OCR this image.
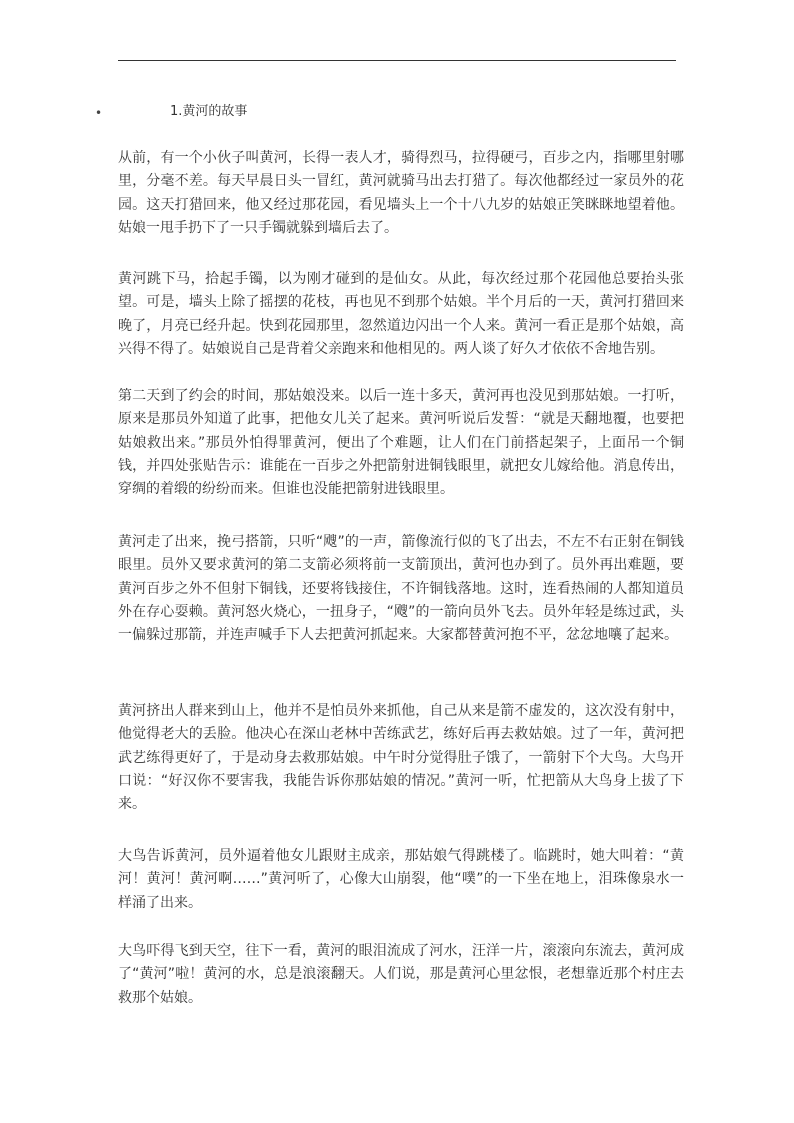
•	1.黄河的故事

从前，有一个小伙子叫黄河，长得一表人才，骑得烈马，拉得硬弓，百步之内，指哪里射哪里，分毫不差。每天早晨日头一冒红，黄河就骑马出去打猎了。每次他都经过一家员外的花园。这天打猎回来，他又经过那花园，看见墙头上一个十八九岁的姑娘正笑眯眯地望着他。姑娘一甩手扔下了一只手镯就躲到墙后去了。

黄河跳下马，拾起手镯，以为刚才碰到的是仙女。从此，每次经过那个花园他总要抬头张望。可是，墙头上除了摇摆的花枝，再也见不到那个姑娘。半个月后的一天，黄河打猎回来晚了，月亮已经升起。快到花园那里，忽然道边闪出一个人来。黄河一看正是那个姑娘，高兴得不得了。姑娘说自己是背着父亲跑来和他相见的。两人谈了好久才依依不舍地告别。

第二天到了约会的时间，那姑娘没来。以后一连十多天，黄河再也没见到那姑娘。一打听，原来是那员外知道了此事，把他女儿关了起来。黄河听说后发誓：“就是天翻地覆，也要把姑娘救出来。”那员外怕得罪黄河，便出了个难题，让人们在门前搭起架子，上面吊一个铜钱，并四处张贴告示：谁能在一百步之外把箭射进铜钱眼里，就把女儿嫁给他。消息传出，穿绸的着缎的纷纷而来。但谁也没能把箭射进钱眼里。

黄河走了出来，挽弓搭箭，只听“飕”的一声，箭像流行似的飞了出去，不左不右正射在铜钱眼里。员外又要求黄河的第二支箭必须将前一支箭顶出，黄河也办到了。员外再出难题，要黄河百步之外不但射下铜钱，还要将钱接住，不许铜钱落地。这时，连看热闹的人都知道员外在存心耍赖。黄河怒火烧心，一扭身子，“飕”的一箭向员外飞去。员外年轻是练过武，头一偏躲过那箭，并连声喊手下人去把黄河抓起来。大家都替黄河抱不平，忿忿地嚷了起来。

黄河挤出人群来到山上，他并不是怕员外来抓他，自己从来是箭不虚发的，这次没有射中，他觉得老大的丢脸。他决心在深山老林中苦练武艺，练好后再去救姑娘。过了一年，黄河把武艺练得更好了，于是动身去救那姑娘。中午时分觉得肚子饿了，一箭射下个大鸟。大鸟开口说：“好汉你不要害我，我能告诉你那姑娘的情况。”黄河一听，忙把箭从大鸟身上拔了下来。

大鸟告诉黄河，员外逼着他女儿跟财主成亲，那姑娘气得跳楼了。临跳时，她大叫着：“黄河！黄河！黄河啊……”黄河听了，心像大山崩裂，他“噗”的一下坐在地上，泪珠像泉水一样涌了出来。

大鸟吓得飞到天空，往下一看，黄河的眼泪流成了河水，汪洋一片，滚滚向东流去，黄河成了“黄河”啦！黄河的水，总是浪滚翻天。人们说，那是黄河心里忿恨，老想靠近那个村庄去救那个姑娘。
